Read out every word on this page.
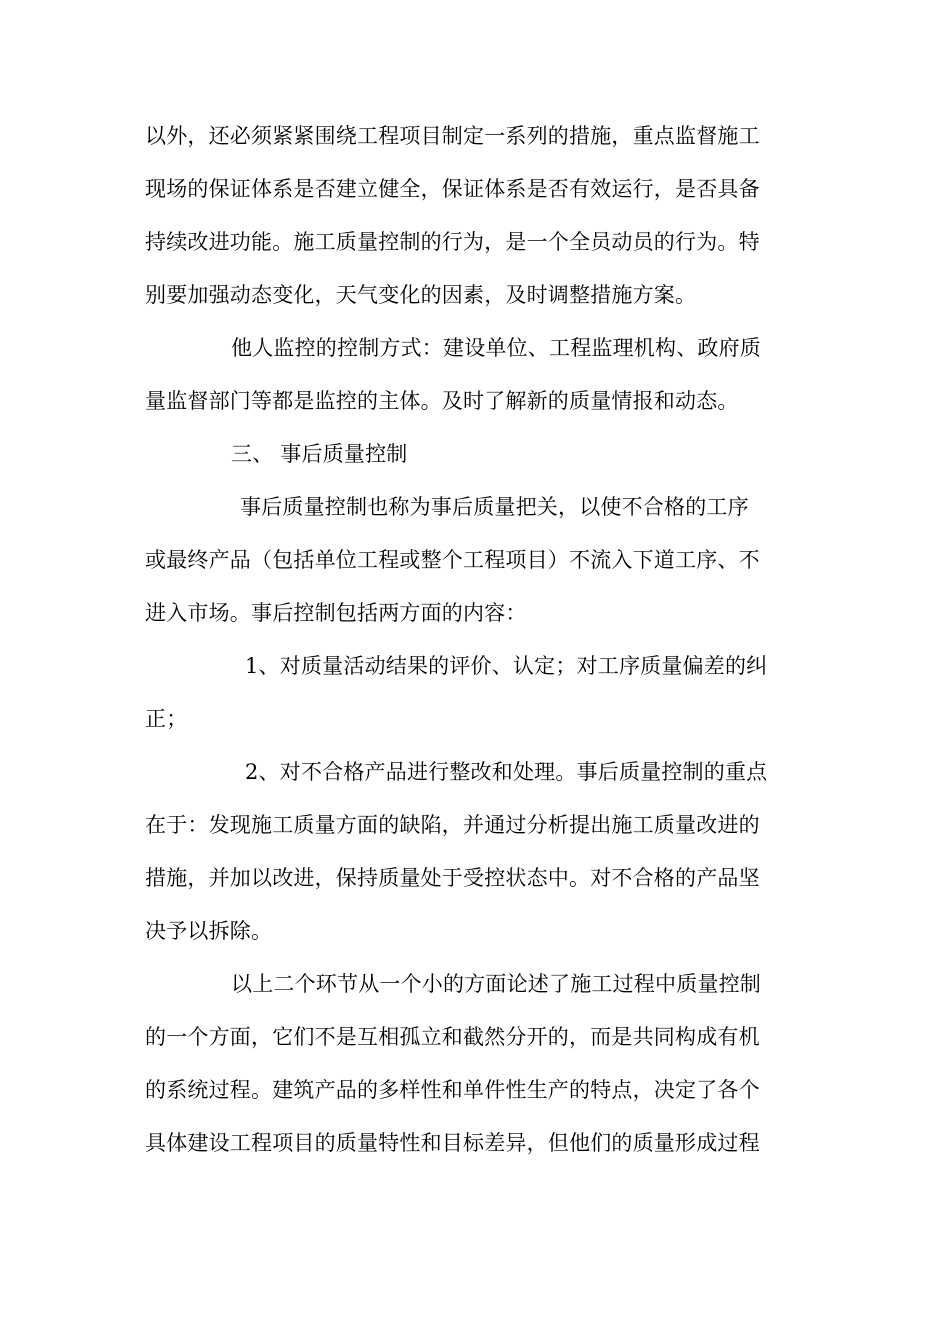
以外，还必须紧紧围绕工程项目制定一系列的措施，重点监督施工
现场的保证体系是否建立健全，保证体系是否有效运行，是否具备
持续改进功能。施工质量控制的行为，是一个全员动员的行为。特
别要加强动态变化，天气变化的因素，及时调整措施方案。
他人监控的控制方式：建设单位、工程监理机构、政府质
量监督部门等都是监控的主体。及时了解新的质量情报和动态。
三、 事后质量控制
事后质量控制也称为事后质量把关，以使不合格的工序
或最终产品（包括单位工程或整个工程项目）不流入下道工序、不
进入市场。事后控制包括两方面的内容：
1、对质量活动结果的评价、认定；对工序质量偏差的纠
正；
2、对不合格产品进行整改和处理。事后质量控制的重点
在于：发现施工质量方面的缺陷，并通过分析提出施工质量改进的
措施，并加以改进，保持质量处于受控状态中。对不合格的产品坚
决予以拆除。
以上二个环节从一个小的方面论述了施工过程中质量控制
的一个方面，它们不是互相孤立和截然分开的，而是共同构成有机
的系统过程。建筑产品的多样性和单件性生产的特点，决定了各个
具体建设工程项目的质量特性和目标差异，但他们的质量形成过程
